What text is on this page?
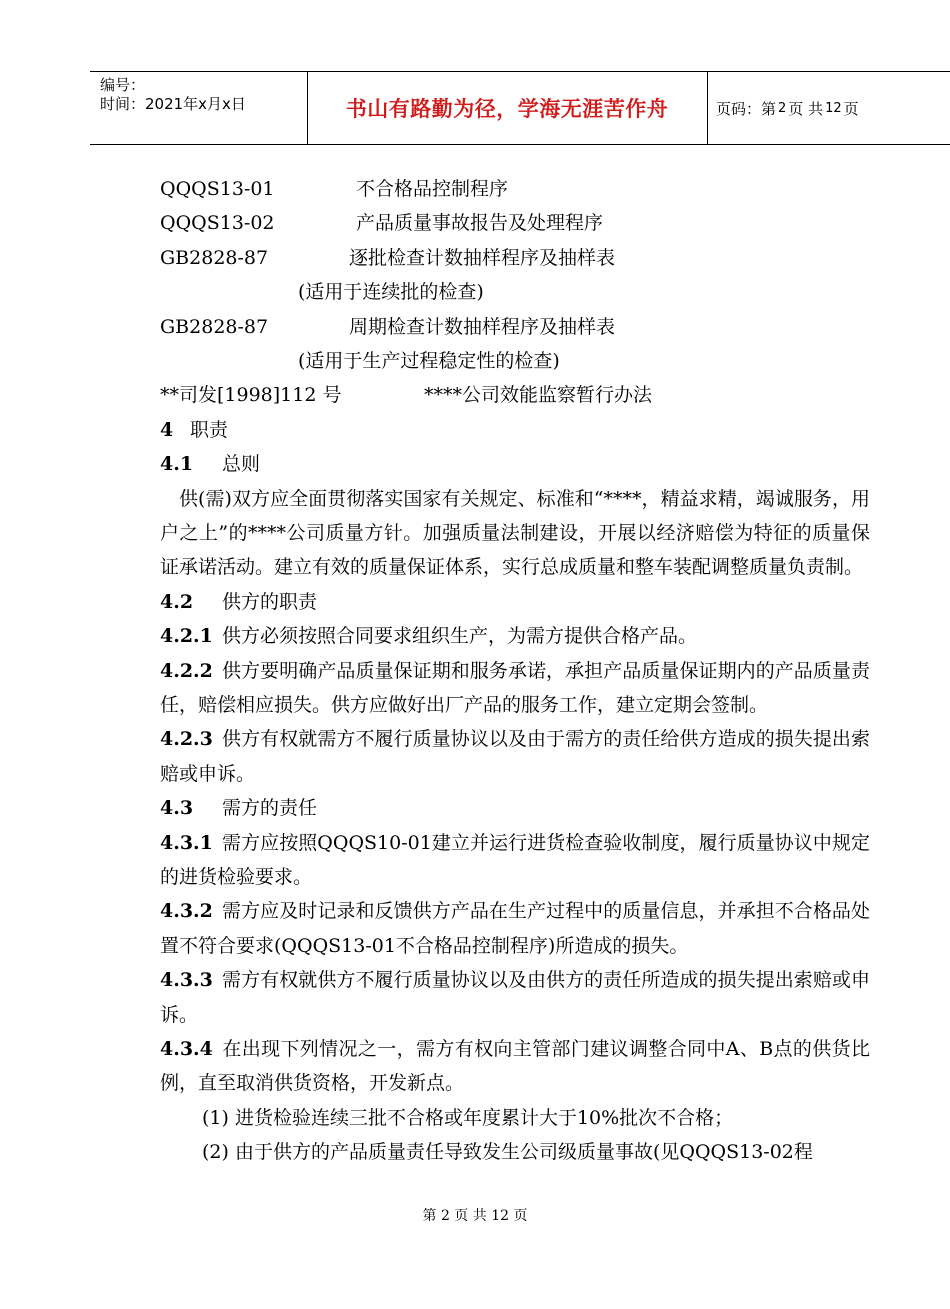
编号：
时间：2021年x月x日	书山有路勤为径，学海无涯苦作舟	页码：第 2 页 共 12 页
QQQS13-01	不合格品控制程序
QQQS13-02	产品质量事故报告及处理程序
GB2828-87	逐批检查计数抽样程序及抽样表
(适用于连续批的检查)
GB2828-87	周期检查计数抽样程序及抽样表
(适用于生产过程稳定性的检查)
**司发[1998]112 号	****公司效能监察暂行办法
4 职责
4.1 总则
供(需)双方应全面贯彻落实国家有关规定、标准和“****，精益求精，竭诚服务，用户之上”的****公司质量方针。加强质量法制建设，开展以经济赔偿为特征的质量保证承诺活动。建立有效的质量保证体系，实行总成质量和整车装配调整质量负责制。
4.2 供方的职责
4.2.1 供方必须按照合同要求组织生产，为需方提供合格产品。
4.2.2 供方要明确产品质量保证期和服务承诺，承担产品质量保证期内的产品质量责任，赔偿相应损失。供方应做好出厂产品的服务工作，建立定期会签制。
4.2.3 供方有权就需方不履行质量协议以及由于需方的责任给供方造成的损失提出索赔或申诉。
4.3 需方的责任
4.3.1 需方应按照QQQS10-01建立并运行进货检查验收制度，履行质量协议中规定的进货检验要求。
4.3.2 需方应及时记录和反馈供方产品在生产过程中的质量信息，并承担不合格品处置不符合要求(QQQS13-01不合格品控制程序)所造成的损失。
4.3.3 需方有权就供方不履行质量协议以及由供方的责任所造成的损失提出索赔或申诉。
4.3.4 在出现下列情况之一，需方有权向主管部门建议调整合同中A、B点的供货比例，直至取消供货资格，开发新点。
(1) 进货检验连续三批不合格或年度累计大于10%批次不合格；
(2) 由于供方的产品质量责任导致发生公司级质量事故(见QQQS13-02程
第 2 页 共 12 页
